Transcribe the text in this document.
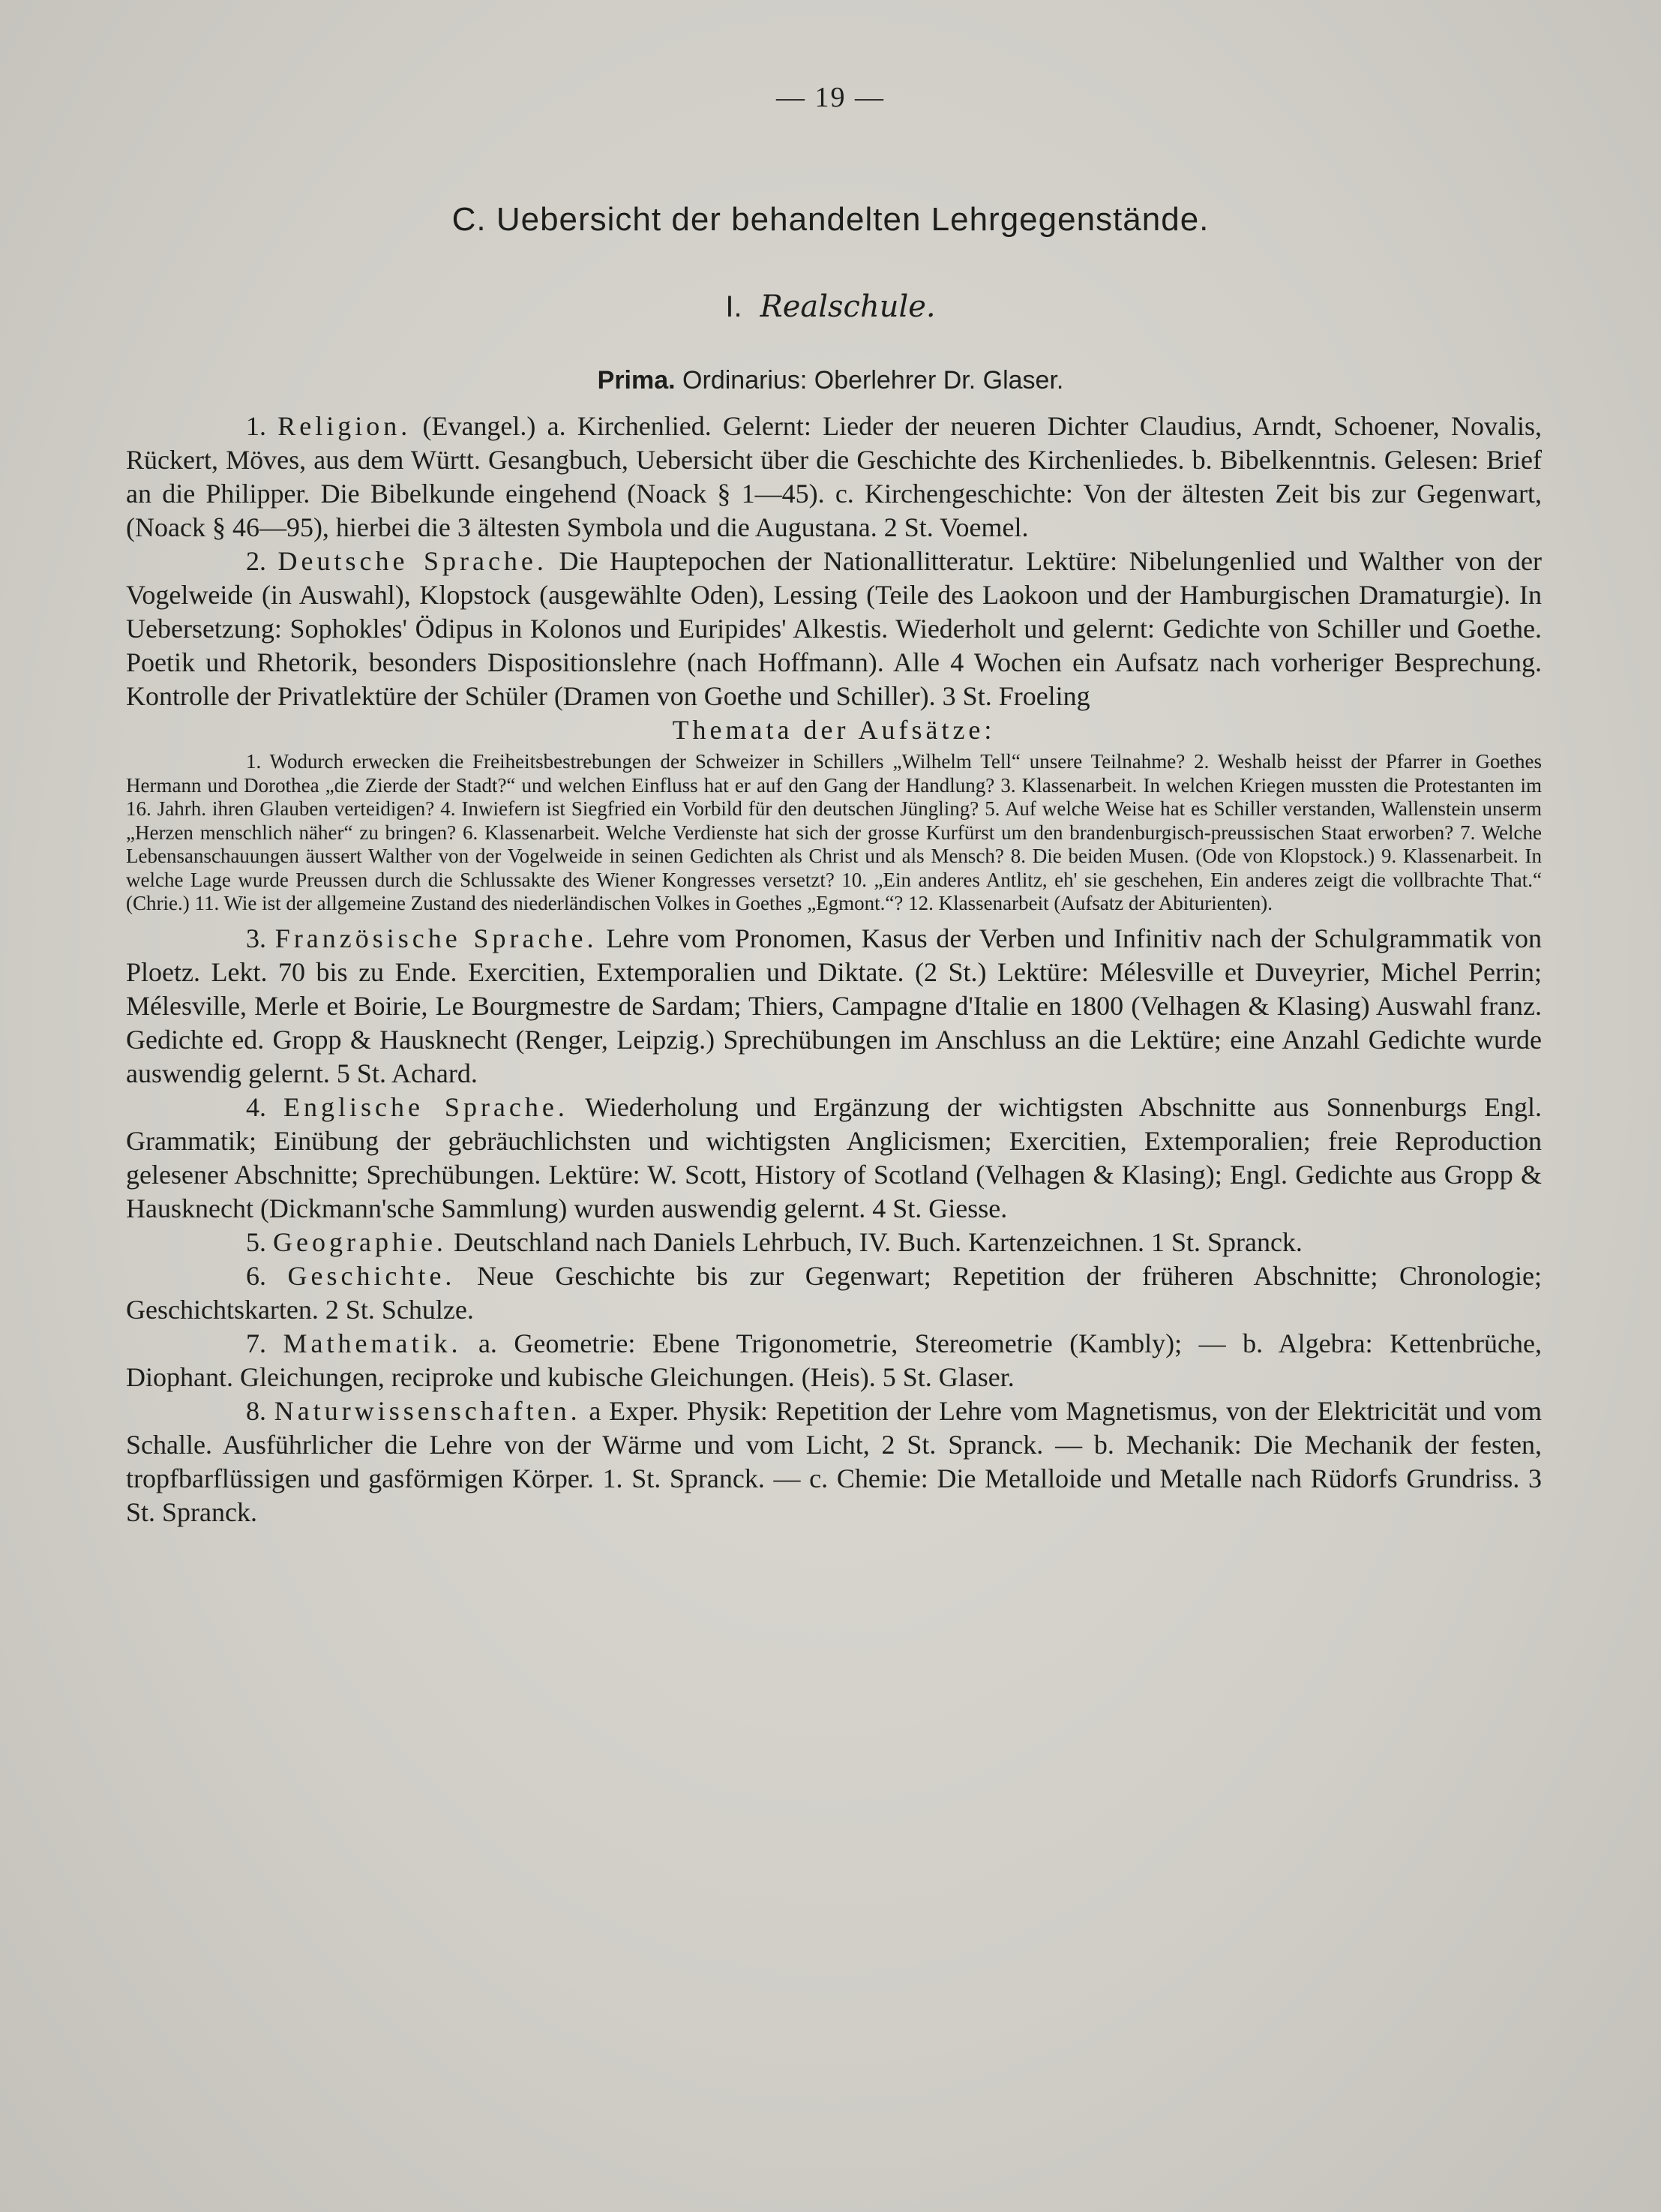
— 19 —
C. Uebersicht der behandelten Lehrgegenstände.
I. Realschule.
Prima. Ordinarius: Oberlehrer Dr. Glaser.

1. Religion. (Evangel.) a. Kirchenlied. Gelernt: Lieder der neueren Dichter Claudius, Arndt, Schoener, Novalis, Rückert, Möves, aus dem Württ. Gesangbuch, Uebersicht über die Geschichte des Kirchenliedes. b. Bibelkenntnis. Gelesen: Brief an die Philipper. Die Bibelkunde eingehend (Noack § 1—45). c. Kirchengeschichte: Von der ältesten Zeit bis zur Gegenwart, (Noack § 46—95), hierbei die 3 ältesten Symbola und die Augustana. 2 St. Voemel.

2. Deutsche Sprache. Die Hauptepochen der Nationallitteratur. Lektüre: Nibelungenlied und Walther von der Vogelweide (in Auswahl), Klopstock (ausgewählte Oden), Lessing (Teile des Laokoon und der Hamburgischen Dramaturgie). In Uebersetzung: Sophokles' Ödipus in Kolonos und Euripides' Alkestis. Wiederholt und gelernt: Gedichte von Schiller und Goethe. Poetik und Rhetorik, besonders Dispositionslehre (nach Hoffmann). Alle 4 Wochen ein Aufsatz nach vorheriger Besprechung. Kontrolle der Privatlektüre der Schüler (Dramen von Goethe und Schiller). 3 St. Froeling

Themata der Aufsätze:

1. Wodurch erwecken die Freiheitsbestrebungen der Schweizer in Schillers „Wilhelm Tell“ unsere Teilnahme? 2. Weshalb heisst der Pfarrer in Goethes Hermann und Dorothea „die Zierde der Stadt?“ und welchen Einfluss hat er auf den Gang der Handlung? 3. Klassenarbeit. In welchen Kriegen mussten die Protestanten im 16. Jahrh. ihren Glauben verteidigen? 4. Inwiefern ist Siegfried ein Vorbild für den deutschen Jüngling? 5. Auf welche Weise hat es Schiller verstanden, Wallenstein unserm „Herzen menschlich näher“ zu bringen? 6. Klassenarbeit. Welche Verdienste hat sich der grosse Kurfürst um den brandenburgisch-preussischen Staat erworben? 7. Welche Lebensanschauungen äussert Walther von der Vogelweide in seinen Gedichten als Christ und als Mensch? 8. Die beiden Musen. (Ode von Klopstock.) 9. Klassenarbeit. In welche Lage wurde Preussen durch die Schlussakte des Wiener Kongresses versetzt? 10. „Ein anderes Antlitz, eh' sie geschehen, Ein anderes zeigt die vollbrachte That.“ (Chrie.) 11. Wie ist der allgemeine Zustand des niederländischen Volkes in Goethes „Egmont.“? 12. Klassenarbeit (Aufsatz der Abiturienten).

3. Französische Sprache. Lehre vom Pronomen, Kasus der Verben und Infinitiv nach der Schulgrammatik von Ploetz. Lekt. 70 bis zu Ende. Exercitien, Extemporalien und Diktate. (2 St.) Lektüre: Mélesville et Duveyrier, Michel Perrin; Mélesville, Merle et Boirie, Le Bourgmestre de Sardam; Thiers, Campagne d'Italie en 1800 (Velhagen & Klasing) Auswahl franz. Gedichte ed. Gropp & Hausknecht (Renger, Leipzig.) Sprechübungen im Anschluss an die Lektüre; eine Anzahl Gedichte wurde auswendig gelernt. 5 St. Achard.

4. Englische Sprache. Wiederholung und Ergänzung der wichtigsten Abschnitte aus Sonnenburgs Engl. Grammatik; Einübung der gebräuchlichsten und wichtigsten Anglicismen; Exercitien, Extemporalien; freie Reproduction gelesener Abschnitte; Sprechübungen. Lektüre: W. Scott, History of Scotland (Velhagen & Klasing); Engl. Gedichte aus Gropp & Hausknecht (Dickmann'sche Sammlung) wurden auswendig gelernt. 4 St. Giesse.

5. Geographie. Deutschland nach Daniels Lehrbuch, IV. Buch. Kartenzeichnen. 1 St. Spranck.

6. Geschichte. Neue Geschichte bis zur Gegenwart; Repetition der früheren Abschnitte; Chronologie; Geschichtskarten. 2 St. Schulze.

7. Mathematik. a. Geometrie: Ebene Trigonometrie, Stereometrie (Kambly); — b. Algebra: Kettenbrüche, Diophant. Gleichungen, reciproke und kubische Gleichungen. (Heis). 5 St. Glaser.

8. Naturwissenschaften. a Exper. Physik: Repetition der Lehre vom Magnetismus, von der Elektricität und vom Schalle. Ausführlicher die Lehre von der Wärme und vom Licht, 2 St. Spranck. — b. Mechanik: Die Mechanik der festen, tropfbarflüssigen und gasförmigen Körper. 1. St. Spranck. — c. Chemie: Die Metalloide und Metalle nach Rüdorfs Grundriss. 3 St. Spranck.
